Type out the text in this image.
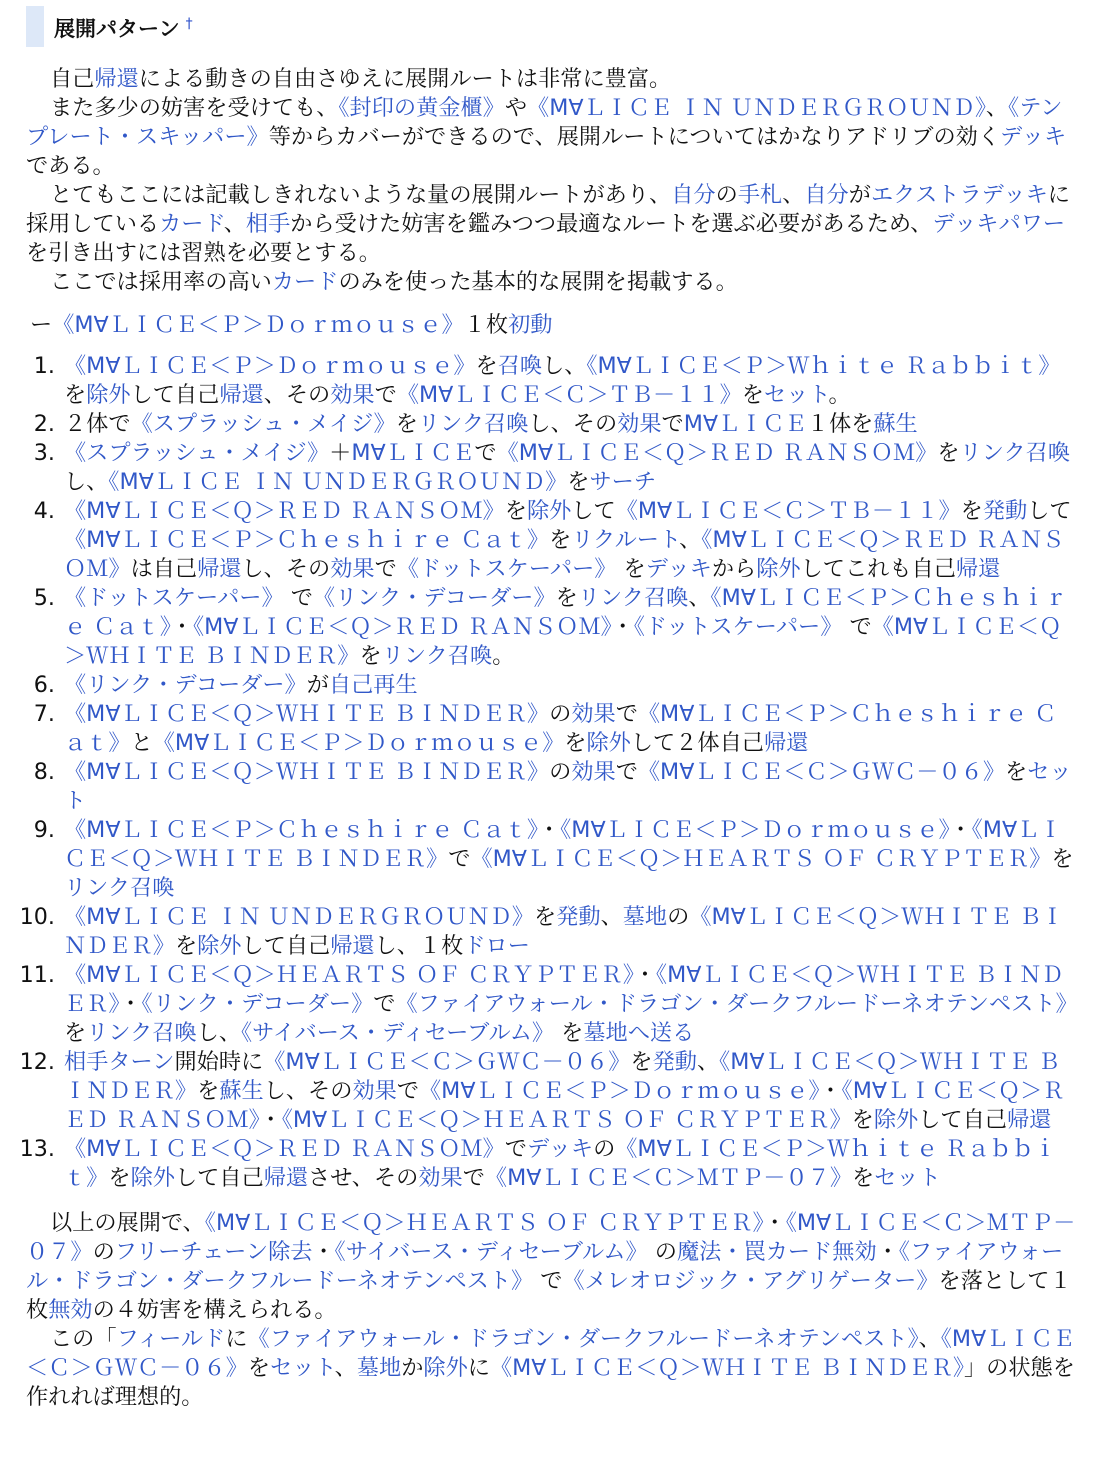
展開パターン †

自己帰還による動きの自由さゆえに展開ルートは非常に豊富。

また多少の妨害を受けても、《封印の黄金櫃》や《M∀ＬＩＣＥ ＩＮ ＵＮＤＥＲＧＲＯＵＮＤ》、《テンプレート・スキッパー》等からカバーができるので、展開ルートについてはかなりアドリブの効くデッキである。

とてもここには記載しきれないような量の展開ルートがあり、自分の手札、自分がエクストラデッキに採用しているカード、相手から受けた妨害を鑑みつつ最適なルートを選ぶ必要があるため、デッキパワーを引き出すには習熟を必要とする。

ここでは採用率の高いカードのみを使った基本的な展開を掲載する。

ー《M∀ＬＩＣＥ＜Ｐ＞Ｄｏｒｍｏｕｓｅ》１枚初動

1. 《M∀ＬＩＣＥ＜Ｐ＞Ｄｏｒｍｏｕｓｅ》を召喚し、《M∀ＬＩＣＥ＜Ｐ＞Ｗｈｉｔｅ Ｒａｂｂｉｔ》を除外して自己帰還、その効果で《M∀ＬＩＣＥ＜Ｃ＞ＴＢ－１１》をセット。
2. ２体で《スプラッシュ・メイジ》をリンク召喚し、その効果でM∀ＬＩＣＥ１体を蘇生
3. 《スプラッシュ・メイジ》＋M∀ＬＩＣＥで《M∀ＬＩＣＥ＜Ｑ＞ＲＥＤ ＲＡＮＳＯＭ》をリンク召喚し、《M∀ＬＩＣＥ ＩＮ ＵＮＤＥＲＧＲＯＵＮＤ》をサーチ
4. 《M∀ＬＩＣＥ＜Ｑ＞ＲＥＤ ＲＡＮＳＯＭ》を除外して《M∀ＬＩＣＥ＜Ｃ＞ＴＢ－１１》を発動して《M∀ＬＩＣＥ＜Ｐ＞Ｃｈｅｓｈｉｒｅ Ｃａｔ》をリクルート、《M∀ＬＩＣＥ＜Ｑ＞ＲＥＤ ＲＡＮＳＯＭ》は自己帰還し、その効果で《ドットスケーパー》 をデッキから除外してこれも自己帰還
5. 《ドットスケーパー》 で《リンク・デコーダー》をリンク召喚、《M∀ＬＩＣＥ＜Ｐ＞Ｃｈｅｓｈｉｒｅ Ｃａｔ》・《M∀ＬＩＣＥ＜Ｑ＞ＲＥＤ ＲＡＮＳＯＭ》・《ドットスケーパー》 で《M∀ＬＩＣＥ＜Ｑ＞ＷＨＩＴＥ ＢＩＮＤＥＲ》をリンク召喚。
6. 《リンク・デコーダー》が自己再生
7. 《M∀ＬＩＣＥ＜Ｑ＞ＷＨＩＴＥ ＢＩＮＤＥＲ》の効果で《M∀ＬＩＣＥ＜Ｐ＞Ｃｈｅｓｈｉｒｅ Ｃａｔ》と《M∀ＬＩＣＥ＜Ｐ＞Ｄｏｒｍｏｕｓｅ》を除外して２体自己帰還
8. 《M∀ＬＩＣＥ＜Ｑ＞ＷＨＩＴＥ ＢＩＮＤＥＲ》の効果で《M∀ＬＩＣＥ＜Ｃ＞ＧＷＣ－０６》をセット
9. 《M∀ＬＩＣＥ＜Ｐ＞Ｃｈｅｓｈｉｒｅ Ｃａｔ》・《M∀ＬＩＣＥ＜Ｐ＞Ｄｏｒｍｏｕｓｅ》・《M∀ＬＩＣＥ＜Ｑ＞ＷＨＩＴＥ ＢＩＮＤＥＲ》で《M∀ＬＩＣＥ＜Ｑ＞ＨＥＡＲＴＳ ＯＦ ＣＲＹＰＴＥＲ》をリンク召喚
10. 《M∀ＬＩＣＥ ＩＮ ＵＮＤＥＲＧＲＯＵＮＤ》を発動、墓地の《M∀ＬＩＣＥ＜Ｑ＞ＷＨＩＴＥ ＢＩＮＤＥＲ》を除外して自己帰還し、１枚ドロー
11. 《M∀ＬＩＣＥ＜Ｑ＞ＨＥＡＲＴＳ ＯＦ ＣＲＹＰＴＥＲ》・《M∀ＬＩＣＥ＜Ｑ＞ＷＨＩＴＥ ＢＩＮＤＥＲ》・《リンク・デコーダー》で《ファイアウォール・ドラゴン・ダークフルードーネオテンペスト》をリンク召喚し、《サイバース・ディセーブルム》 を墓地へ送る
12. 相手ターン開始時に《M∀ＬＩＣＥ＜Ｃ＞ＧＷＣ－０６》を発動、《M∀ＬＩＣＥ＜Ｑ＞ＷＨＩＴＥ ＢＩＮＤＥＲ》を蘇生し、その効果で《M∀ＬＩＣＥ＜Ｐ＞Ｄｏｒｍｏｕｓｅ》・《M∀ＬＩＣＥ＜Ｑ＞ＲＥＤ ＲＡＮＳＯＭ》・《M∀ＬＩＣＥ＜Ｑ＞ＨＥＡＲＴＳ ＯＦ ＣＲＹＰＴＥＲ》を除外して自己帰還
13. 《M∀ＬＩＣＥ＜Ｑ＞ＲＥＤ ＲＡＮＳＯＭ》でデッキの《M∀ＬＩＣＥ＜Ｐ＞Ｗｈｉｔｅ Ｒａｂｂｉｔ》を除外して自己帰還させ、その効果で《M∀ＬＩＣＥ＜Ｃ＞ＭＴＰ－０７》をセット

以上の展開で、《M∀ＬＩＣＥ＜Ｑ＞ＨＥＡＲＴＳ ＯＦ ＣＲＹＰＴＥＲ》・《M∀ＬＩＣＥ＜Ｃ＞ＭＴＰ－０７》のフリーチェーン除去・《サイバース・ディセーブルム》 の魔法・罠カード無効・《ファイアウォール・ドラゴン・ダークフルードーネオテンペスト》 で《メレオロジック・アグリゲーター》を落として１枚無効の４妨害を構えられる。

この「フィールドに《ファイアウォール・ドラゴン・ダークフルードーネオテンペスト》、《M∀ＬＩＣＥ＜Ｃ＞ＧＷＣ－０６》をセット、墓地か除外に《M∀ＬＩＣＥ＜Ｑ＞ＷＨＩＴＥ ＢＩＮＤＥＲ》」の状態を作れれば理想的。
